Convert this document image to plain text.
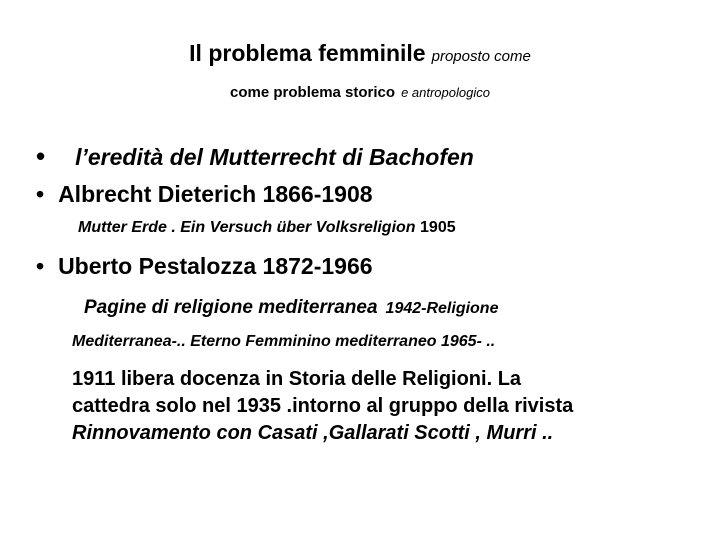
Il problema femminile proposto come
come problema storico e antropologico
• l’eredità del Mutterrecht di Bachofen
• Albrecht Dieterich 1866-1908
Mutter Erde . Ein Versuch über Volksreligion 1905
• Uberto Pestalozza 1872-1966
Pagine di religione mediterranea 1942-Religione
Mediterranea-.. Eterno Femminino mediterraneo 1965- ..
1911 libera docenza in Storia delle Religioni. La
cattedra solo nel 1935 .intorno al gruppo della rivista
Rinnovamento con Casati ,Gallarati Scotti , Murri ..
